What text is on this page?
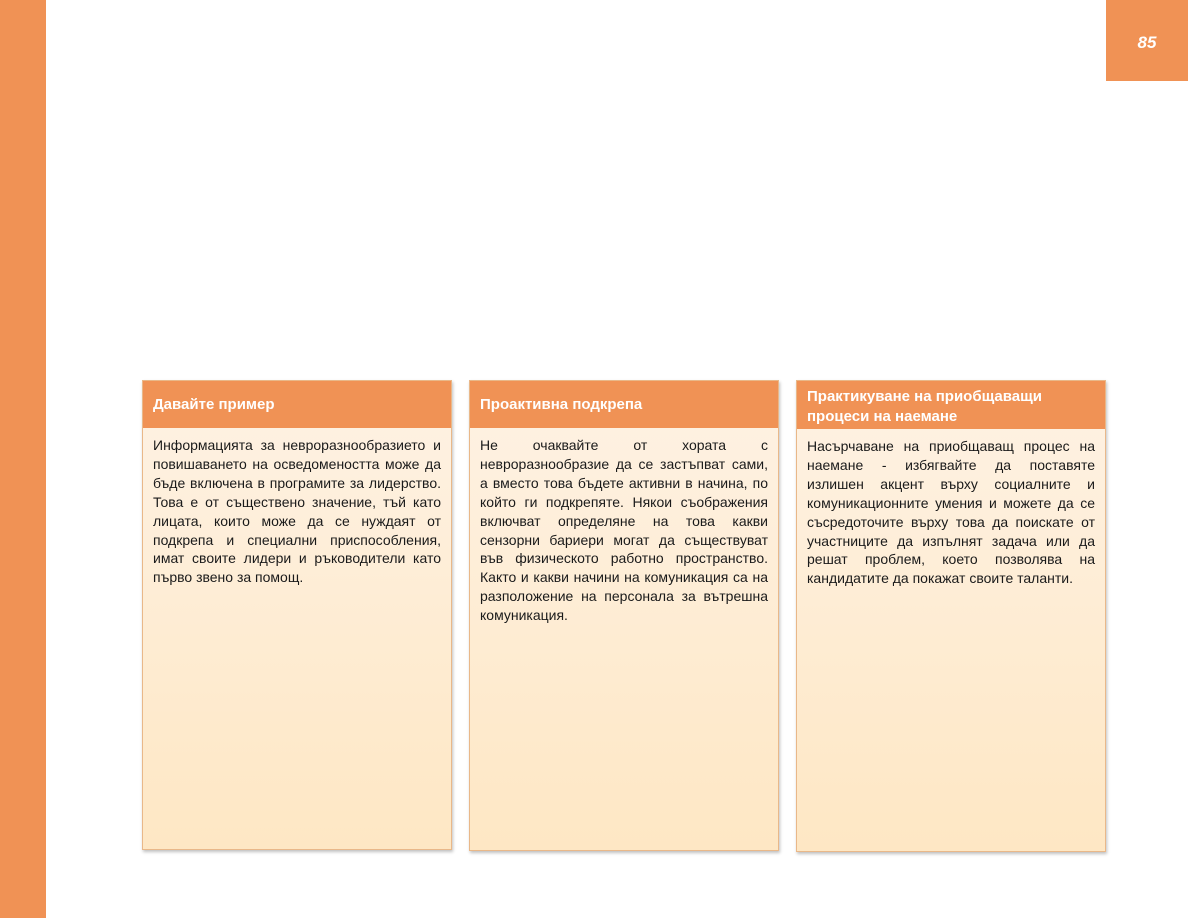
85
Давайте пример
Информацията за невроразнообразието и повишаването на осведомеността може да бъде включена в програмите за лидерство. Това е от съществено значение, тъй като лицата, които може да се нуждаят от подкрепа и специални приспособления, имат своите лидери и ръководители като първо звено за помощ.
Проактивна подкрепа
Не очаквайте от хората с невроразнообразие да се застъпват сами, а вместо това бъдете активни в начина, по който ги подкрепяте. Някои съображения включват определяне на това какви сензорни бариери могат да съществуват във физическото работно пространство. Както и какви начини на комуникация са на разположение на персонала за вътрешна комуникация.
Практикуване на приобщаващи процеси на наемане
Насърчаване на приобщаващ процес на наемане - избягвайте да поставяте излишен акцент върху социалните и комуникационните умения и можете да се съсредоточите върху това да поискате от участниците да изпълнят задача или да решат проблем, което позволява на кандидатите да покажат своите таланти.
